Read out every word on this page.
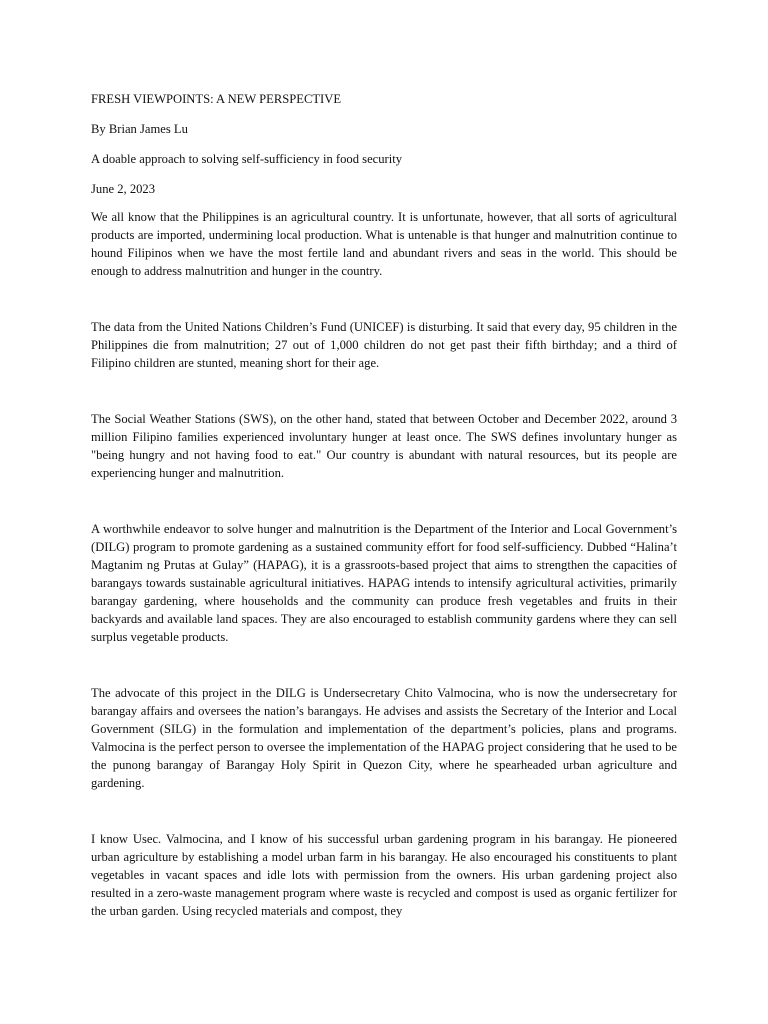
FRESH VIEWPOINTS: A NEW PERSPECTIVE

By Brian James Lu

A doable approach to solving self-sufficiency in food security

June 2, 2023

We all know that the Philippines is an agricultural country. It is unfortunate, however, that all sorts of agricultural products are imported, undermining local production. What is untenable is that hunger and malnutrition continue to hound Filipinos when we have the most fertile land and abundant rivers and seas in the world. This should be enough to address malnutrition and hunger in the country.

The data from the United Nations Children’s Fund (UNICEF) is disturbing. It said that every day, 95 children in the Philippines die from malnutrition; 27 out of 1,000 children do not get past their fifth birthday; and a third of Filipino children are stunted, meaning short for their age.

The Social Weather Stations (SWS), on the other hand, stated that between October and December 2022, around 3 million Filipino families experienced involuntary hunger at least once. The SWS defines involuntary hunger as "being hungry and not having food to eat." Our country is abundant with natural resources, but its people are experiencing hunger and malnutrition.

A worthwhile endeavor to solve hunger and malnutrition is the Department of the Interior and Local Government’s (DILG) program to promote gardening as a sustained community effort for food self-sufficiency. Dubbed “Halina’t Magtanim ng Prutas at Gulay” (HAPAG), it is a grassroots-based project that aims to strengthen the capacities of barangays towards sustainable agricultural initiatives. HAPAG intends to intensify agricultural activities, primarily barangay gardening, where households and the community can produce fresh vegetables and fruits in their backyards and available land spaces. They are also encouraged to establish community gardens where they can sell surplus vegetable products.

The advocate of this project in the DILG is Undersecretary Chito Valmocina, who is now the undersecretary for barangay affairs and oversees the nation’s barangays. He advises and assists the Secretary of the Interior and Local Government (SILG) in the formulation and implementation of the department’s policies, plans and programs. Valmocina is the perfect person to oversee the implementation of the HAPAG project considering that he used to be the punong barangay of Barangay Holy Spirit in Quezon City, where he spearheaded urban agriculture and gardening.

I know Usec. Valmocina, and I know of his successful urban gardening program in his barangay. He pioneered urban agriculture by establishing a model urban farm in his barangay. He also encouraged his constituents to plant vegetables in vacant spaces and idle lots with permission from the owners. His urban gardening project also resulted in a zero-waste management program where waste is recycled and compost is used as organic fertilizer for the urban garden. Using recycled materials and compost, they
